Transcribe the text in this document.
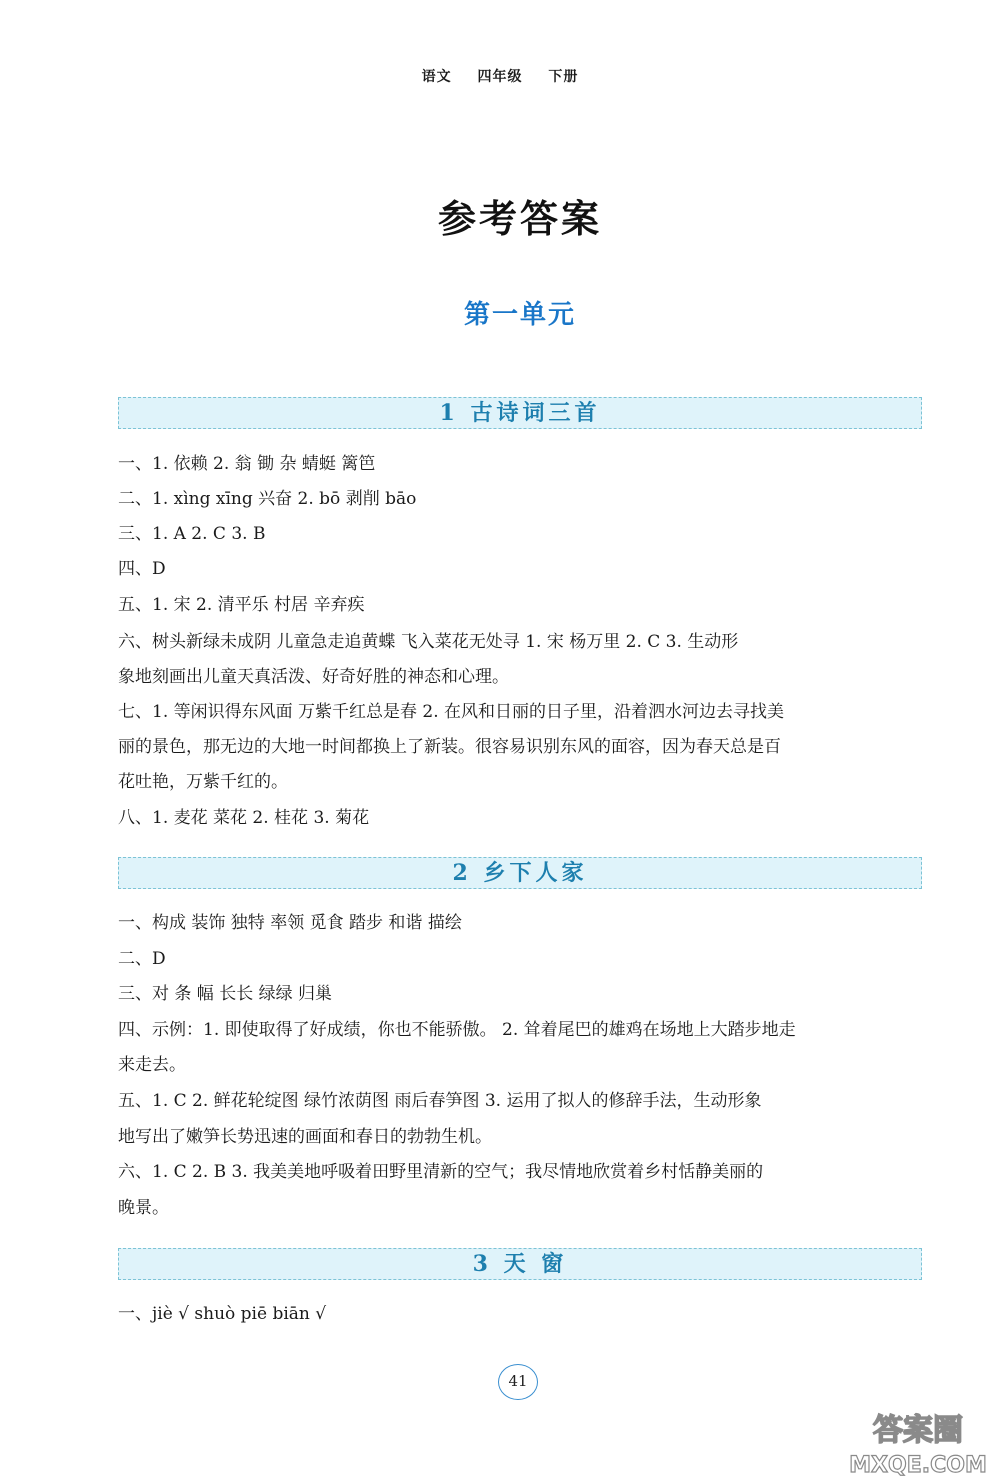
语文 四年级 下册
参考答案
第一单元
1 古诗词三首
一、1. 依赖 2. 翁 锄 杂 蜻蜓 篱笆
二、1. xìng xīng 兴奋 2. bō 剥削 bāo
三、1. A 2. C 3. B
四、D
五、1. 宋 2. 清平乐 村居 辛弃疾
六、树头新绿未成阴 儿童急走追黄蝶 飞入菜花无处寻 1. 宋 杨万里 2. C 3. 生动形
象地刻画出儿童天真活泼、好奇好胜的神态和心理。
七、1. 等闲识得东风面 万紫千红总是春 2. 在风和日丽的日子里，沿着泗水河边去寻找美
丽的景色，那无边的大地一时间都换上了新装。很容易识别东风的面容，因为春天总是百
花吐艳，万紫千红的。
八、1. 麦花 菜花 2. 桂花 3. 菊花
2 乡下人家
一、构成 装饰 独特 率领 觅食 踏步 和谐 描绘
二、D
三、对 条 幅 长长 绿绿 归巢
四、示例：1. 即使取得了好成绩，你也不能骄傲。 2. 耸着尾巴的雄鸡在场地上大踏步地走
来走去。
五、1. C 2. 鲜花轮绽图 绿竹浓荫图 雨后春笋图 3. 运用了拟人的修辞手法，生动形象
地写出了嫩笋长势迅速的画面和春日的勃勃生机。
六、1. C 2. B 3. 我美美地呼吸着田野里清新的空气；我尽情地欣赏着乡村恬静美丽的
晚景。
3 天 窗
一、jiè √ shuò piē biān √
41
答案圈
MXQE.COM
